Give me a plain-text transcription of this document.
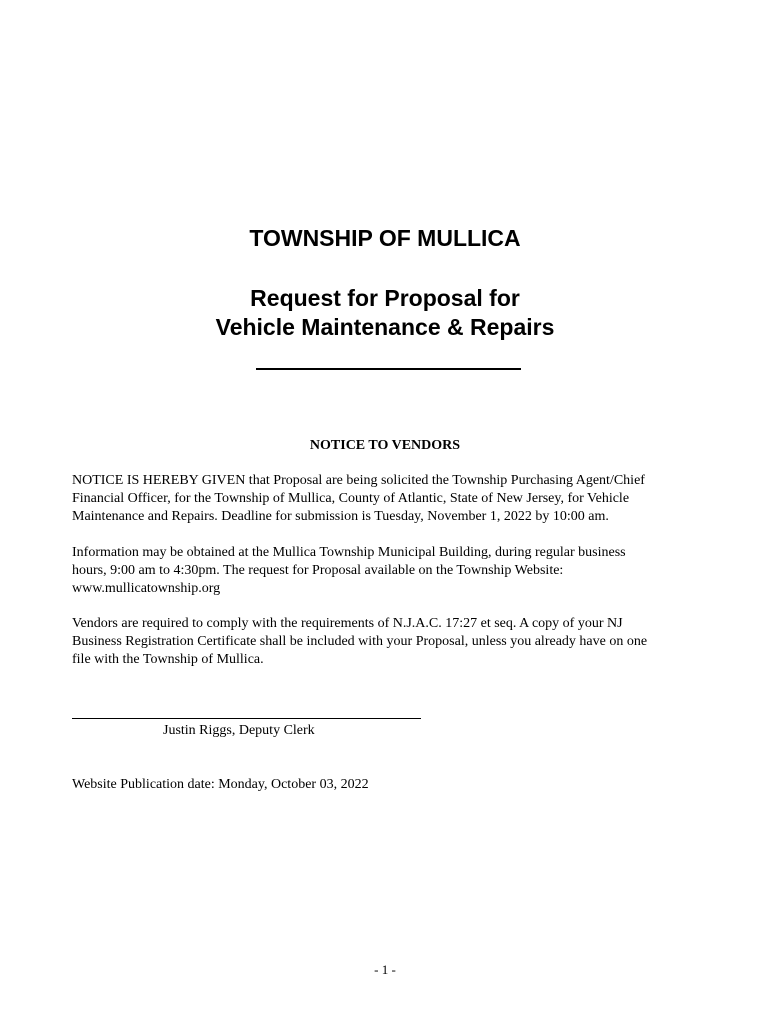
TOWNSHIP OF MULLICA
Request for Proposal for
Vehicle Maintenance & Repairs
NOTICE TO VENDORS
NOTICE IS HEREBY GIVEN that Proposal are being solicited the Township Purchasing Agent/Chief
Financial Officer, for the Township of Mullica, County of Atlantic, State of New Jersey, for Vehicle
Maintenance and Repairs. Deadline for submission is Tuesday, November 1, 2022 by 10:00 am.
Information may be obtained at the Mullica Township Municipal Building, during regular business
hours, 9:00 am to 4:30pm. The request for Proposal available on the Township Website:
www.mullicatownship.org
Vendors are required to comply with the requirements of N.J.A.C. 17:27 et seq. A copy of your NJ
Business Registration Certificate shall be included with your Proposal, unless you already have on one
file with the Township of Mullica.
Justin Riggs, Deputy Clerk
Website Publication date: Monday, October 03, 2022
- 1 -
